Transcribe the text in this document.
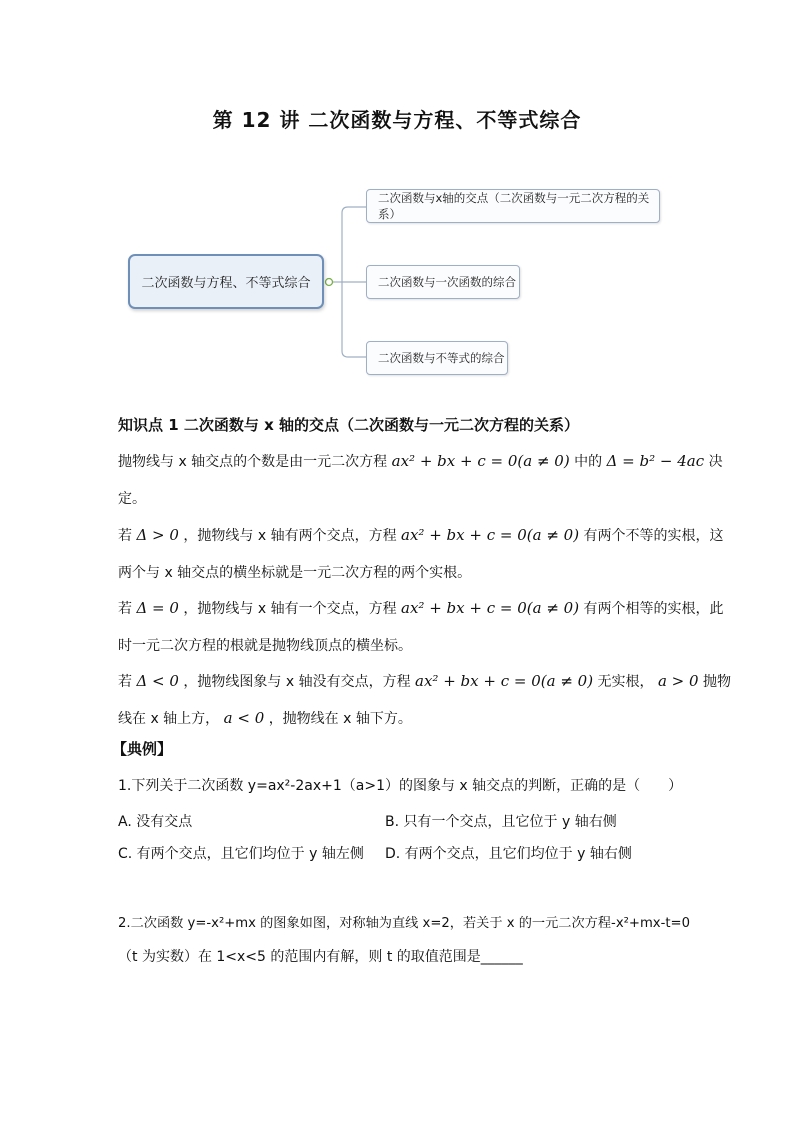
第 12 讲 二次函数与方程、不等式综合
二次函数与方程、不等式综合
二次函数与x轴的交点（二次函数与一元二次方程的关系）
二次函数与一次函数的综合
二次函数与不等式的综合
知识点 1 二次函数与 x 轴的交点（二次函数与一元二次方程的关系）
抛物线与 x 轴交点的个数是由一元二次方程 ax² + bx + c = 0(a ≠ 0) 中的 Δ = b² − 4ac 决
定。
若 Δ > 0 ，抛物线与 x 轴有两个交点，方程 ax² + bx + c = 0(a ≠ 0) 有两个不等的实根，这
两个与 x 轴交点的横坐标就是一元二次方程的两个实根。
若 Δ = 0 ，抛物线与 x 轴有一个交点，方程 ax² + bx + c = 0(a ≠ 0) 有两个相等的实根，此
时一元二次方程的根就是抛物线顶点的横坐标。
若 Δ < 0 ，抛物线图象与 x 轴没有交点，方程 ax² + bx + c = 0(a ≠ 0) 无实根， a > 0 抛物
线在 x 轴上方， a < 0 ，抛物线在 x 轴下方。
【典例】
1.下列关于二次函数 y=ax²-2ax+1（a>1）的图象与 x 轴交点的判断，正确的是（　　）
A. 没有交点	B. 只有一个交点，且它位于 y 轴右侧
C. 有两个交点，且它们均位于 y 轴左侧 D. 有两个交点，且它们均位于 y 轴右侧
2.二次函数 y=-x²+mx 的图象如图，对称轴为直线 x=2，若关于 x 的一元二次方程-x²+mx-t=0
（t 为实数）在 1<x<5 的范围内有解，则 t 的取值范围是______
